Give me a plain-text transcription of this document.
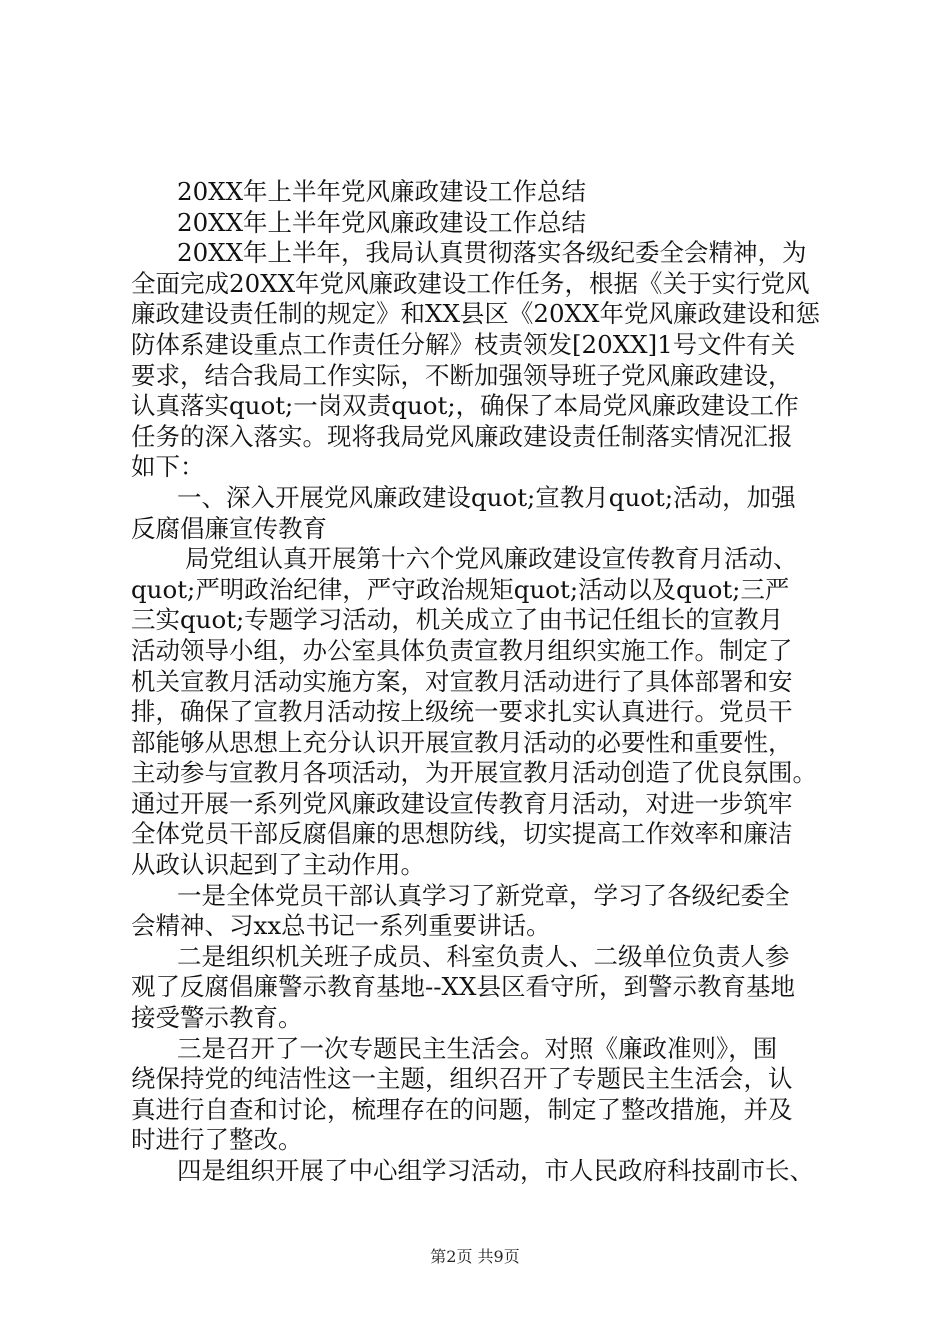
20XX年上半年党风廉政建设工作总结

20XX年上半年党风廉政建设工作总结

20XX年上半年，我局认真贯彻落实各级纪委全会精神，为

全面完成20XX年党风廉政建设工作任务，根据《关于实行党风

廉政建设责任制的规定》和XX县区《20XX年党风廉政建设和惩

防体系建设重点工作责任分解》枝责领发[20XX]1号文件有关

要求，结合我局工作实际，不断加强领导班子党风廉政建设，

认真落实quot;一岗双责quot;，确保了本局党风廉政建设工作

任务的深入落实。现将我局党风廉政建设责任制落实情况汇报

如下：

一、深入开展党风廉政建设quot;宣教月quot;活动，加强

反腐倡廉宣传教育

局党组认真开展第十六个党风廉政建设宣传教育月活动、

quot;严明政治纪律，严守政治规矩quot;活动以及quot;三严

三实quot;专题学习活动，机关成立了由书记任组长的宣教月

活动领导小组，办公室具体负责宣教月组织实施工作。制定了

机关宣教月活动实施方案，对宣教月活动进行了具体部署和安

排，确保了宣教月活动按上级统一要求扎实认真进行。党员干

部能够从思想上充分认识开展宣教月活动的必要性和重要性，

主动参与宣教月各项活动，为开展宣教月活动创造了优良氛围。

通过开展一系列党风廉政建设宣传教育月活动，对进一步筑牢

全体党员干部反腐倡廉的思想防线，切实提高工作效率和廉洁

从政认识起到了主动作用。

一是全体党员干部认真学习了新党章，学习了各级纪委全

会精神、习xx总书记一系列重要讲话。

二是组织机关班子成员、科室负责人、二级单位负责人参

观了反腐倡廉警示教育基地--XX县区看守所，到警示教育基地

接受警示教育。

三是召开了一次专题民主生活会。对照《廉政准则》，围

绕保持党的纯洁性这一主题，组织召开了专题民主生活会，认

真进行自查和讨论，梳理存在的问题，制定了整改措施，并及

时进行了整改。

四是组织开展了中心组学习活动，市人民政府科技副市长、

第2页 共9页
